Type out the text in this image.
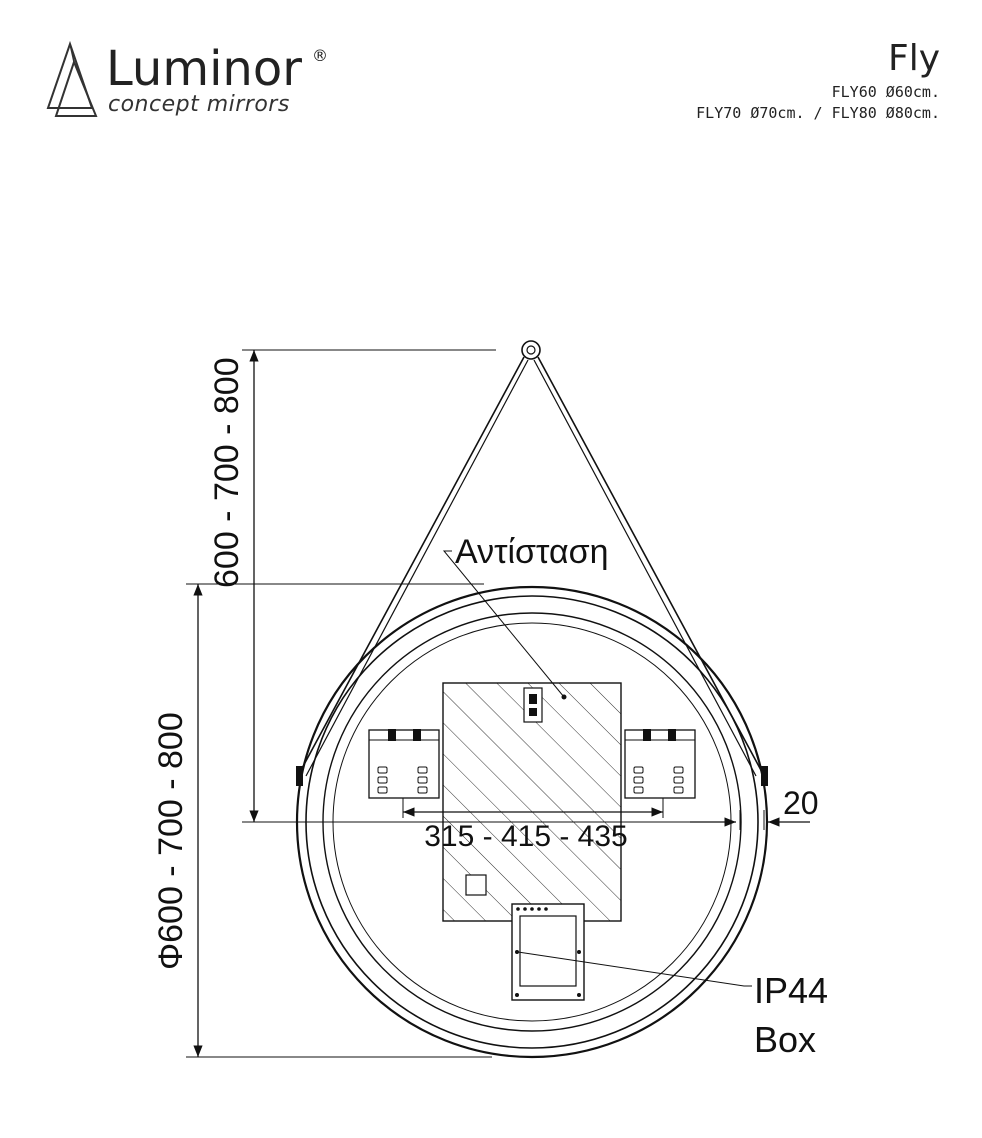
Luminor ®
concept mirrors
Fly
FLY60 Ø60cm.
FLY70 Ø70cm. / FLY80 Ø80cm.
600 - 700 - 800
Φ600 - 700 - 800	315 - 415 - 435
20
Αντίσταση
IP44
Box
